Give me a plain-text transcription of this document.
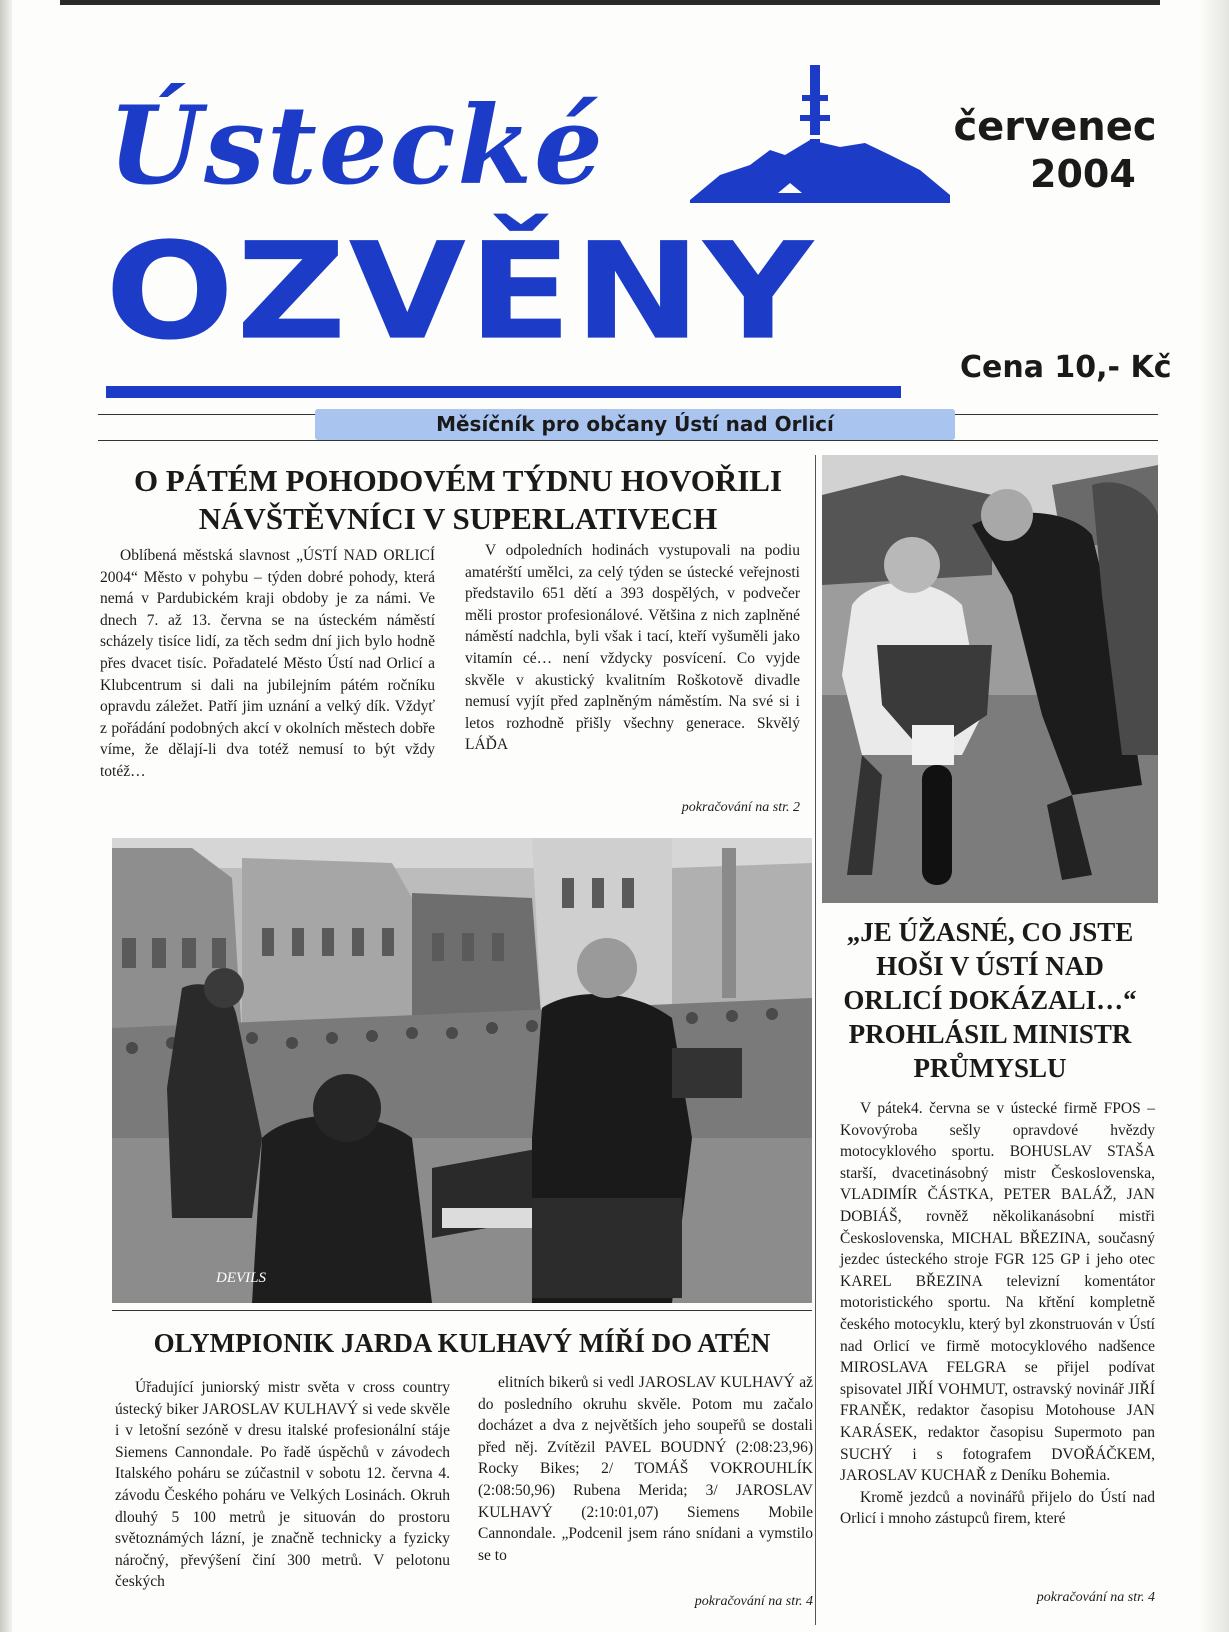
Ústecké
OZVĚNY
červenec
2004
Cena 10,- Kč
Měsíčník pro občany Ústí nad Orlicí
O PÁTÉM POHODOVÉM TÝDNU HOVOŘILI
NÁVŠTĚVNÍCI V SUPERLATIVECH

Oblíbená městská slavnost „ÚSTÍ NAD ORLICÍ 2004“ Město v pohybu – týden dobré pohody, která nemá v Pardubickém kraji obdoby je za námi. Ve dnech 7. až 13. června se na ústeckém náměstí scházely tisíce lidí, za těch sedm dní jich bylo hodně přes dvacet tisíc. Pořadatelé Město Ústí nad Orlicí a Klubcentrum si dali na jubilejním pátém ročníku opravdu záležet. Patří jim uznání a velký dík. Vždyť z pořádání podobných akcí v okolních městech dobře víme, že dělají-li dva totéž nemusí to být vždy totéž…

V odpoledních hodinách vystupovali na podiu amatérští umělci, za celý týden se ústecké veřejnosti představilo 651 dětí a 393 dospělých, v podvečer měli prostor profesionálové. Většina z nich zaplněné náměstí nadchla, byli však i tací, kteří vyšuměli jako vitamín cé… není vždycky posvícení. Co vyjde skvěle v akustický kvalitním Roškotově divadle nemusí vyjít před zaplněným náměstím. Na své si i letos rozhodně přišly všechny generace. Skvělý LÁĎA

pokračování na str. 2
DEVILS
OLYMPIONIK JARDA KULHAVÝ MÍŘÍ DO ATÉN

Úřadující juniorský mistr světa v cross country ústecký biker JAROSLAV KULHAVÝ si vede skvěle i v letošní sezóně v dresu italské profesionální stáje Siemens Cannondale. Po řadě úspěchů v závodech Italského poháru se zúčastnil v sobotu 12. června 4. závodu Českého poháru ve Velkých Losinách. Okruh dlouhý 5 100 metrů je situován do prostoru světoznámých lázní, je značně technicky a fyzicky náročný, převýšení činí 300 metrů. V pelotonu českých

elitních bikerů si vedl JAROSLAV KULHAVÝ až do posledního okruhu skvěle. Potom mu začalo docházet a dva z největších jeho soupeřů se dostali před něj. Zvítězil PAVEL BOUDNÝ (2:08:23,96) Rocky Bikes; 2/ TOMÁŠ VOKROUHLÍK (2:08:50,96) Rubena Merida; 3/ JAROSLAV KULHAVÝ (2:10:01,07) Siemens Mobile Cannondale. „Podcenil jsem ráno snídani a vymstilo se to

pokračování na str. 4
„JE ÚŽASNÉ, CO JSTE
HOŠI V ÚSTÍ NAD
ORLICÍ DOKÁZALI…“
PROHLÁSIL MINISTR
PRŮMYSLU

V pátek4. června se v ústecké firmě FPOS – Kovovýroba sešly opravdové hvězdy motocyklového sportu. BOHUSLAV STAŠA starší, dvacetinásobný mistr Československa, VLADIMÍR ČÁSTKA, PETER BALÁŽ, JAN DOBIÁŠ, rovněž několikanásobní mistři Československa, MICHAL BŘEZINA, současný jezdec ústeckého stroje FGR 125 GP i jeho otec KAREL BŘEZINA televizní komentátor motoristického sportu. Na křtění kompletně českého motocyklu, který byl zkonstruován v Ústí nad Orlicí ve firmě motocyklového nadšence MIROSLAVA FELGRA se přijel podívat spisovatel JIŘÍ VOHMUT, ostravský novinář JIŘÍ FRANĚK, redaktor časopisu Motohouse JAN KARÁSEK, redaktor časopisu Supermoto pan SUCHÝ i s fotografem DVOŘÁČKEM, JAROSLAV KUCHAŘ z Deníku Bohemia.

Kromě jezdců a novinářů přijelo do Ústí nad Orlicí i mnoho zástupců firem, které

pokračování na str. 4
